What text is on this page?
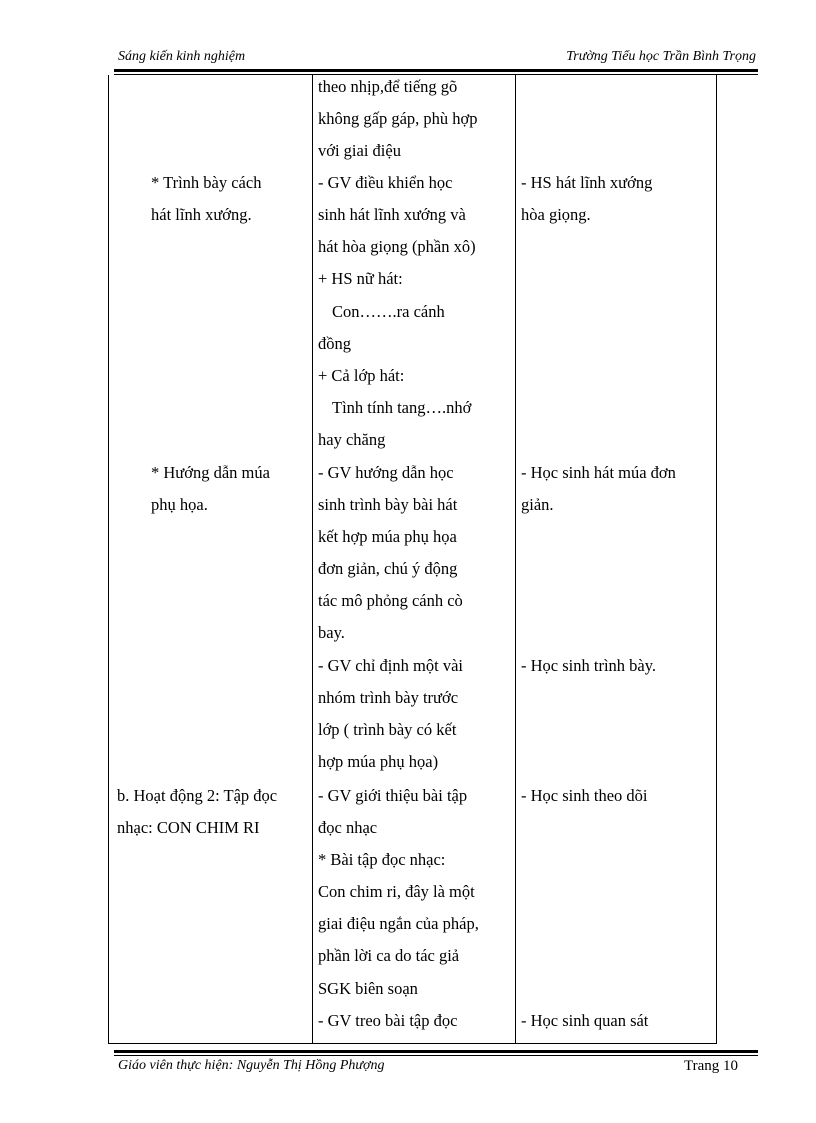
Sáng kiến kinh nghiệm	Trường Tiểu học Trần Bình Trọng
* Trình bày cách
hát lĩnh xướng.
* Hướng dẫn múa
phụ họa.
b. Hoạt động 2: Tập đọc
nhạc: CON CHIM RI
theo nhịp,để tiếng gõ
không gấp gáp, phù hợp
với giai điệu
- GV điều khiển học
sinh hát lĩnh xướng và
hát hòa giọng (phần xô)
+ HS nữ hát:
Con…….ra cánh
đồng
+ Cả lớp hát:
Tình tính tang….nhớ
hay chăng
- GV hướng dẫn học
sinh trình bày bài hát
kết hợp múa phụ họa
đơn giản, chú ý động
tác mô phỏng cánh cò
bay.
- GV chỉ định một vài
nhóm trình bày trước
lớp ( trình bày có kết
hợp múa phụ họa)
- GV giới thiệu bài tập
đọc nhạc
* Bài tập đọc nhạc:
Con chim ri, đây là một
giai điệu ngắn của pháp,
phần lời ca do tác giả
SGK biên soạn
- GV treo bài tập đọc
- HS hát lĩnh xướng
hòa giọng.
- Học sinh hát múa đơn
giản.
- Học sinh trình bày.
- Học sinh theo dõi
- Học sinh quan sát
Giáo viên thực hiện: Nguyễn Thị Hồng Phượng	Trang 10
